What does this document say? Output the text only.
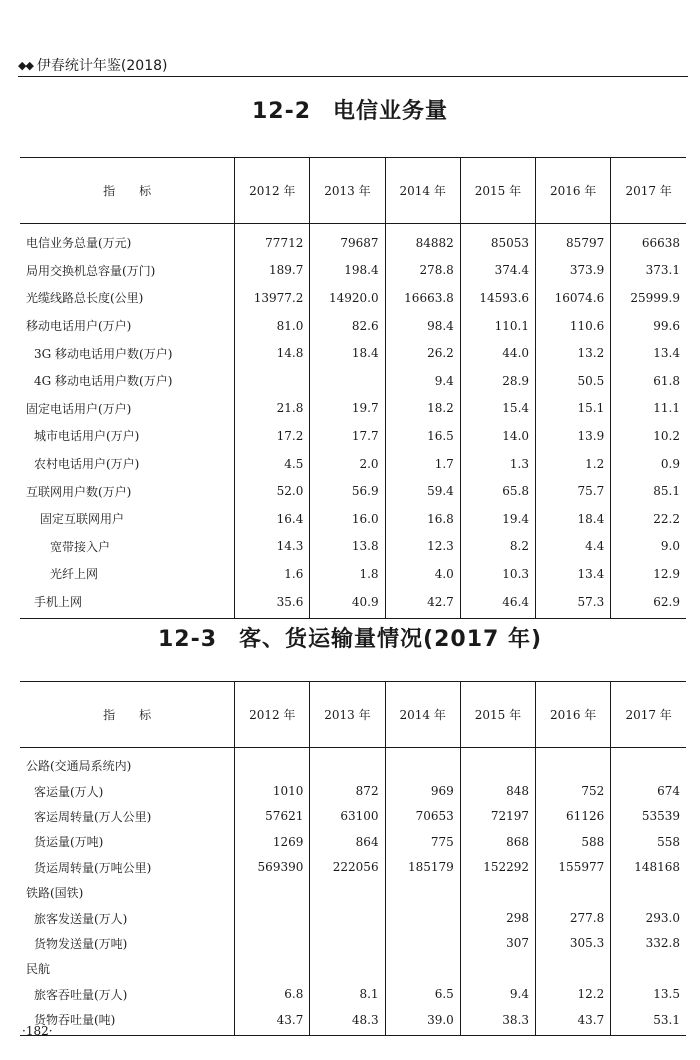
◆◆ 伊春统计年鉴(2018)
12-2 电信业务量
指　　标	2012 年	2013 年	2014 年	2015 年	2016 年	2017 年
电信业务总量(万元)	77712	79687	84882	85053	85797	66638
局用交换机总容量(万门)	189.7	198.4	278.8	374.4	373.9	373.1
光缆线路总长度(公里)	13977.2	14920.0	16663.8	14593.6	16074.6	25999.9
移动电话用户(万户)	81.0	82.6	98.4	110.1	110.6	99.6
3G 移动电话用户数(万户)	14.8	18.4	26.2	44.0	13.2	13.4
4G 移动电话用户数(万户)			9.4	28.9	50.5	61.8
固定电话用户(万户)	21.8	19.7	18.2	15.4	15.1	11.1
城市电话用户(万户)	17.2	17.7	16.5	14.0	13.9	10.2
农村电话用户(万户)	4.5	2.0	1.7	1.3	1.2	0.9
互联网用户数(万户)	52.0	56.9	59.4	65.8	75.7	85.1
固定互联网用户	16.4	16.0	16.8	19.4	18.4	22.2
宽带接入户	14.3	13.8	12.3	8.2	4.4	9.0
光纤上网	1.6	1.8	4.0	10.3	13.4	12.9
手机上网	35.6	40.9	42.7	46.4	57.3	62.9
12-3 客、货运输量情况(2017 年)
指　　标	2012 年	2013 年	2014 年	2015 年	2016 年	2017 年
公路(交通局系统内)						
客运量(万人)	1010	872	969	848	752	674
客运周转量(万人公里)	57621	63100	70653	72197	61126	53539
货运量(万吨)	1269	864	775	868	588	558
货运周转量(万吨公里)	569390	222056	185179	152292	155977	148168
铁路(国铁)						
旅客发送量(万人)				298	277.8	293.0
货物发送量(万吨)				307	305.3	332.8
民航						
旅客吞吐量(万人)	6.8	8.1	6.5	9.4	12.2	13.5
货物吞吐量(吨)	43.7	48.3	39.0	38.3	43.7	53.1
·182·
